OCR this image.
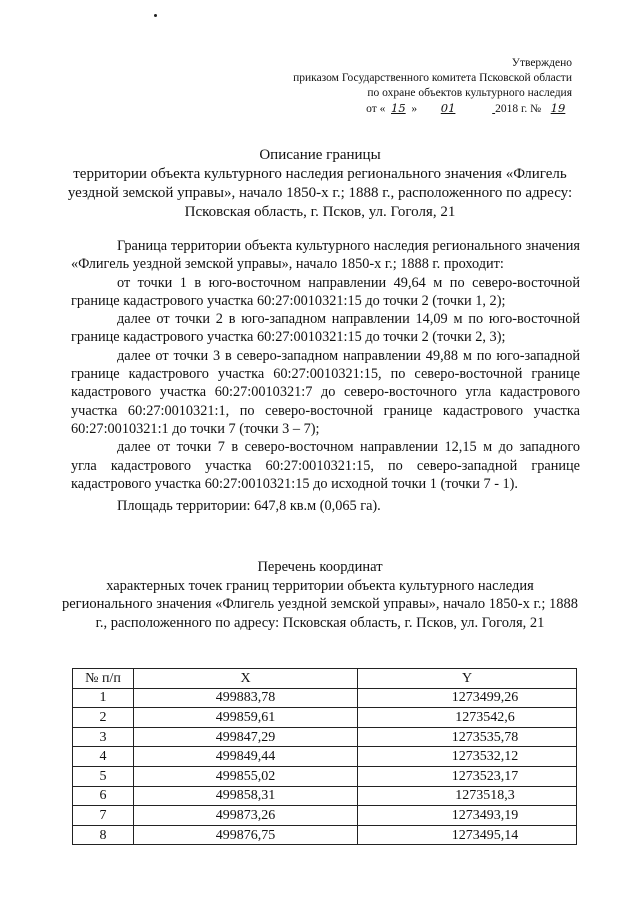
Утверждено
приказом Государственного комитета Псковской области
по охране объектов культурного наследия
от « 15 » 01	2018 г. № 19
Описание границы
территории объекта культурного наследия регионального значения «Флигель уездной земской управы», начало 1850-х г.; 1888 г., расположенного по адресу: Псковская область, г. Псков, ул. Гоголя, 21

Граница территории объекта культурного наследия регионального значения «Флигель уездной земской управы», начало 1850-х г.; 1888 г. проходит:

от точки 1 в юго-восточном направлении 49,64 м по северо-восточной границе кадастрового участка 60:27:0010321:15 до точки 2 (точки 1, 2);

далее от точки 2 в юго-западном направлении 14,09 м по юго-восточной границе кадастрового участка 60:27:0010321:15 до точки 2 (точки 2, 3);

далее от точки 3 в северо-западном направлении 49,88 м по юго-западной границе кадастрового участка 60:27:0010321:15, по северо-восточной границе кадастрового участка 60:27:0010321:7 до северо-восточного угла кадастрового участка 60:27:0010321:1, по северо-восточной границе кадастрового участка 60:27:0010321:1 до точки 7 (точки 3 – 7);

далее от точки 7 в северо-восточном направлении 12,15 м до западного угла кадастрового участка 60:27:0010321:15, по северо-западной границе кадастрового участка 60:27:0010321:15 до исходной точки 1 (точки 7 - 1).

Площадь территории: 647,8 кв.м (0,065 га).

Перечень координат
характерных точек границ территории объекта культурного наследия регионального значения «Флигель уездной земской управы», начало 1850-х г.; 1888 г., расположенного по адресу: Псковская область, г. Псков, ул. Гоголя, 21
№ п/п	X	Y
1	499883,78	1273499,26
2	499859,61	1273542,6
3	499847,29	1273535,78
4	499849,44	1273532,12
5	499855,02	1273523,17
6	499858,31	1273518,3
7	499873,26	1273493,19
8	499876,75	1273495,14
